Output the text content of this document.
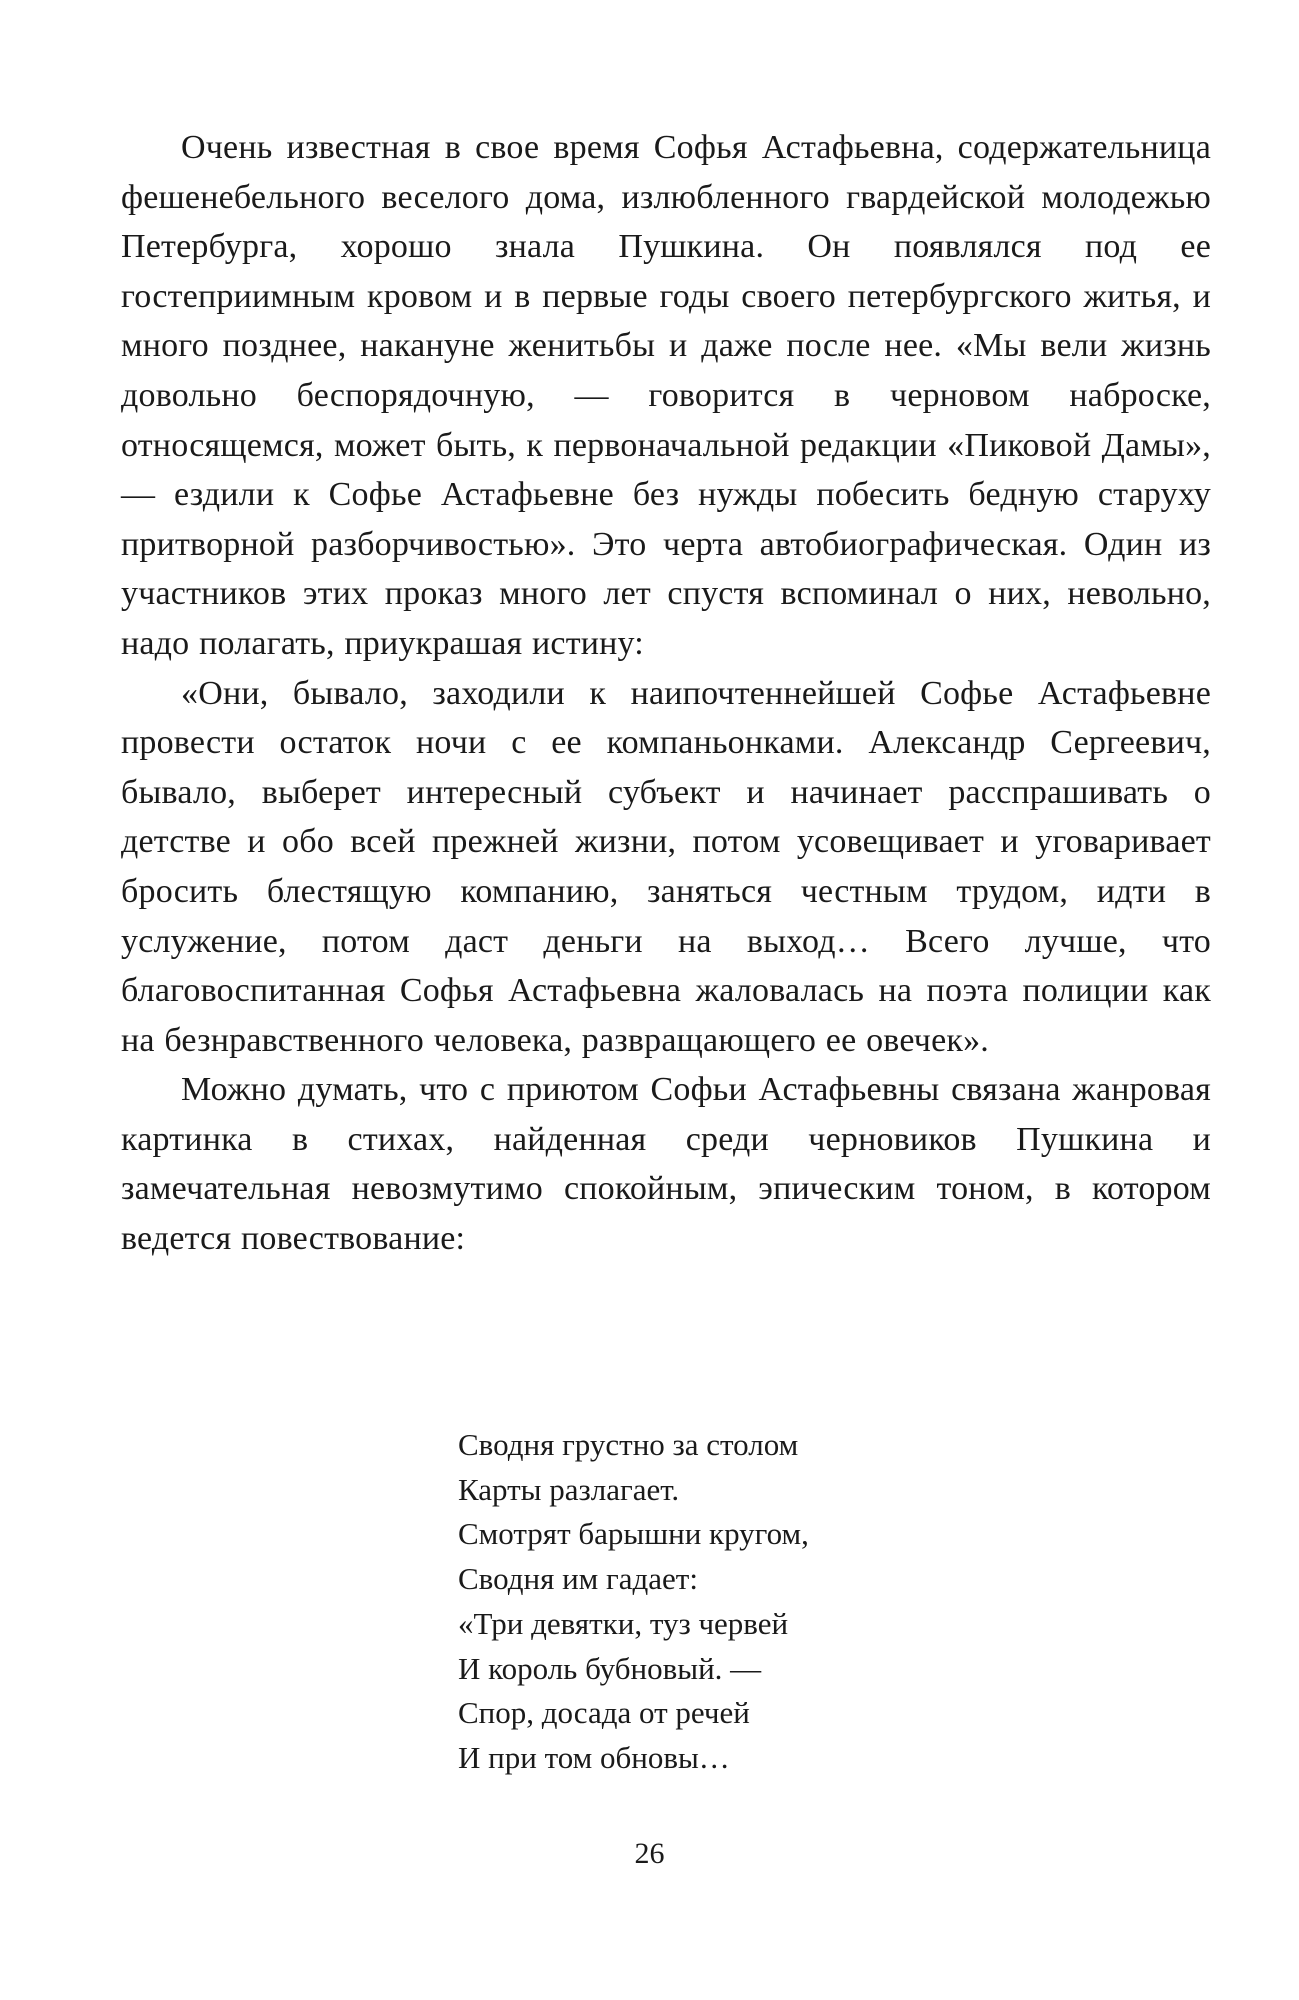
Очень известная в свое время Софья Астафьевна, содержательница фешенебельного веселого дома, излюбленного гвардейской молодежью Петербурга, хорошо знала Пушкина. Он появлялся под ее гостеприимным кровом и в первые годы своего петербургского житья, и много позднее, накануне женитьбы и даже после нее. «Мы вели жизнь довольно беспорядочную, — говорится в черновом наброске, относящемся, может быть, к первоначальной редакции «Пиковой Дамы», — ездили к Софье Астафьевне без нужды побесить бедную старуху притворной разборчивостью». Это черта автобиографическая. Один из участников этих проказ много лет спустя вспоминал о них, невольно, надо полагать, приукрашая истину:

«Они, бывало, заходили к наипочтеннейшей Софье Астафьевне провести остаток ночи с ее компаньонками. Александр Сергеевич, бывало, выберет интересный субъект и начинает расспрашивать о детстве и обо всей прежней жизни, потом усовещивает и уговаривает бросить блестящую компанию, заняться честным трудом, идти в услужение, потом даст деньги на выход… Всего лучше, что благовоспитанная Софья Астафьевна жаловалась на поэта полиции как на безнравственного человека, развращающего ее овечек».

Можно думать, что с приютом Софьи Астафьевны связана жанровая картинка в стихах, найденная среди черновиков Пушкина и замечательная невозмутимо спокойным, эпическим тоном, в котором ведется повествование:

Сводня грустно за столом
Карты разлагает.
Смотрят барышни кругом,
Сводня им гадает:
«Три девятки, туз червей
И король бубновый. —
Спор, досада от речей
И при том обновы…
26
